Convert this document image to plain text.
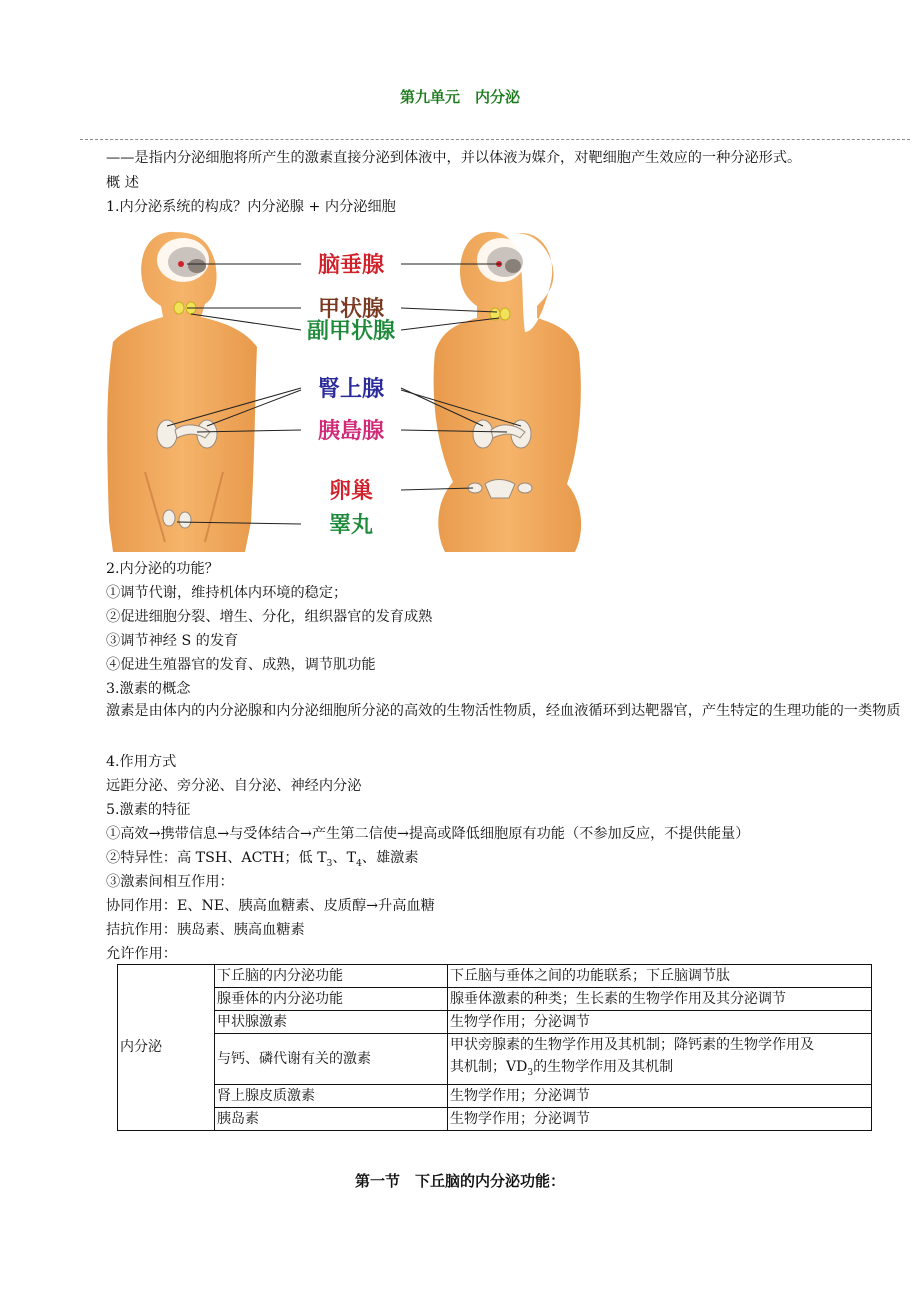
第九单元　内分泌
——是指内分泌细胞将所产生的激素直接分泌到体液中，并以体液为媒介，对靶细胞产生效应的一种分泌形式。
概 述
1.内分泌系统的构成？内分泌腺 + 内分泌细胞
脑垂腺
甲状腺
副甲状腺
腎上腺
胰島腺
卵巢
睪丸
2.内分泌的功能？
①调节代谢，维持机体内环境的稳定；
②促进细胞分裂、增生、分化，组织器官的发育成熟
③调节神经 S 的发育
④促进生殖器官的发育、成熟，调节肌功能
3.激素的概念
激素是由体内的内分泌腺和内分泌细胞所分泌的高效的生物活性物质，经血液循环到达靶器官，产生特定的生理功能的一类物质
4.作用方式
远距分泌、旁分泌、自分泌、神经内分泌
5.激素的特征
①高效→携带信息→与受体结合→产生第二信使→提高或降低细胞原有功能（不参加反应，不提供能量）
②特异性：高 TSH、ACTH；低 $T_3$、$T_4$、雄激素
③激素间相互作用：
协同作用：E、NE、胰高血糖素、皮质醇→升高血糖
拮抗作用：胰岛素、胰高血糖素
允许作用：
内分泌	下丘脑的内分泌功能	下丘脑与垂体之间的功能联系；下丘脑调节肽
	腺垂体的内分泌功能	腺垂体激素的种类；生长素的生物学作用及其分泌调节
	甲状腺激素	生物学作用；分泌调节
	与钙、磷代谢有关的激素	甲状旁腺素的生物学作用及其机制；降钙素的生物学作用及
其机制；$VD_3$的生物学作用及其机制

	肾上腺皮质激素	生物学作用；分泌调节
	胰岛素	生物学作用；分泌调节
第一节　下丘脑的内分泌功能：
